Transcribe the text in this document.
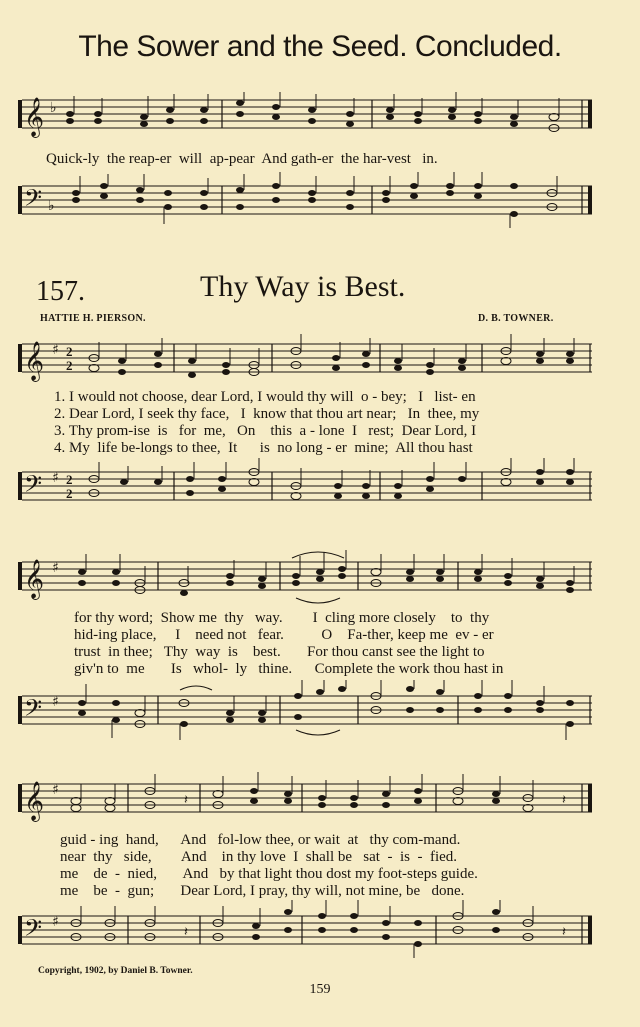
The Sower and the Seed. Concluded.
𝄞 ♭
Quick-ly  the reap-er  will  ap-pear  And gath-er  the har-vest   in.
𝄢 ♭
157.	Thy Way is Best.
HATTIE H. PIERSON.	D. B. TOWNER.
𝄞 ♯ 2
2
1. I would not choose, dear Lord, I would thy will  o - bey;   I   list- en
2. Dear Lord, I seek thy face,   I  know that thou art near;   In  thee, my
3. Thy prom-ise  is   for  me,   On    this  a - lone  I   rest;  Dear Lord, I
4. My  life be-longs to thee,  It      is  no long - er  mine;  All thou hast
𝄢 ♯ 2
2
𝄞 ♯
for thy word;  Show me  thy   way.        I  cling more closely    to  thy
hid-ing place,     I    need not   fear.          O    Fa-ther, keep me  ev - er
trust  in thee;   Thy  way  is    best.       For thou canst see the light to
giv'n to  me       Is   whol-  ly   thine.      Complete the work thou hast in
𝄢 ♯
𝄞 ♯
𝄽	𝄽
guid - ing  hand,      And   fol-low thee, or wait  at   thy com-mand.
near  thy   side,        And    in thy love  I  shall be   sat  -  is  -  fied.
me    de  -  nied,       And   by that light thou dost my foot-steps guide.
me    be  -  gun;       Dear Lord, I pray, thy will, not mine, be   done.
𝄢 ♯
𝄽	𝄽
Copyright, 1902, by Daniel B. Towner.
159
